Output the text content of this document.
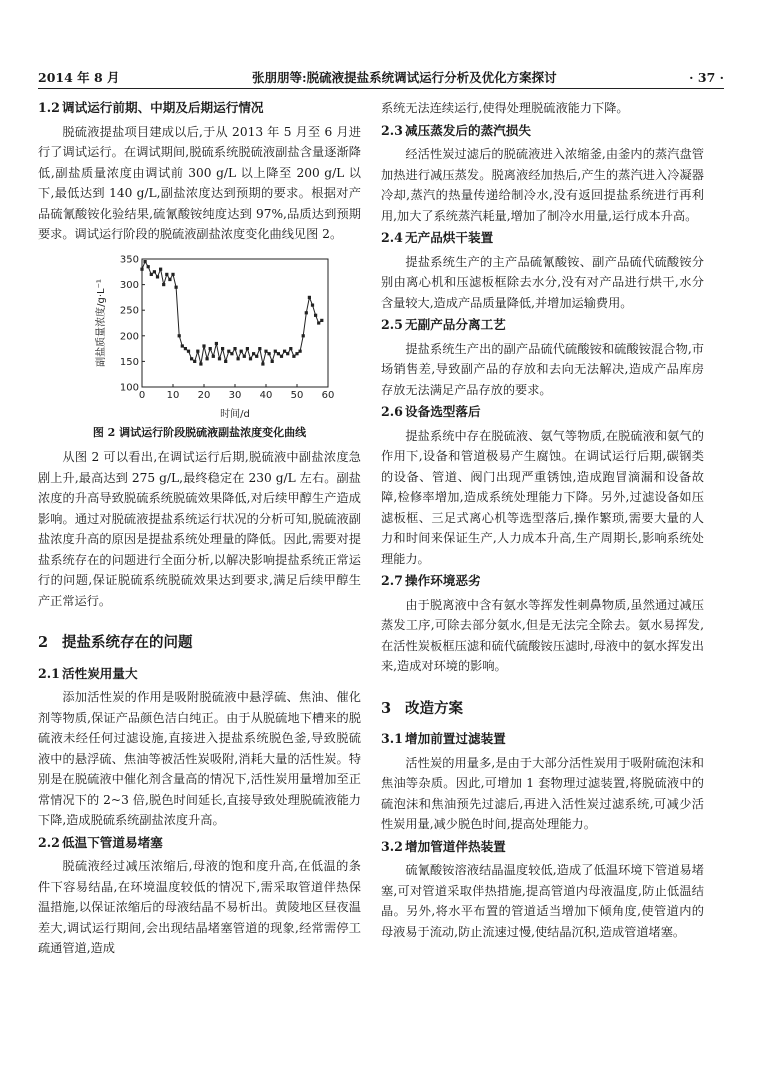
2014 年 8 月	张朋朋等:脱硫液提盐系统调试运行分析及优化方案探讨	· 37 ·
1.2 调试运行前期、中期及后期运行情况

脱硫液提盐项目建成以后,于从 2013 年 5 月至 6 月进行了调试运行。在调试期间,脱硫系统脱硫液副盐含量逐渐降低,副盐质量浓度由调试前 300 g/L 以上降至 200 g/L 以下,最低达到 140 g/L,副盐浓度达到预期的要求。根据对产品硫氰酸铵化验结果,硫氰酸铵纯度达到 97%,品质达到预期要求。调试运行阶段的脱硫液副盐浓度变化曲线见图 2。

副盐质量浓度/g·L⁻¹
时间/d
0 10 20 30 40 50 60
100
150
200
250
300
350
图 2 调试运行阶段脱硫液副盐浓度变化曲线

从图 2 可以看出,在调试运行后期,脱硫液中副盐浓度急剧上升,最高达到 275 g/L,最终稳定在 230 g/L 左右。副盐浓度的升高导致脱硫系统脱硫效果降低,对后续甲醇生产造成影响。通过对脱硫液提盐系统运行状况的分析可知,脱硫液副盐浓度升高的原因是提盐系统处理量的降低。因此,需要对提盐系统存在的问题进行全面分析,以解决影响提盐系统正常运行的问题,保证脱硫系统脱硫效果达到要求,满足后续甲醇生产正常运行。

2 提盐系统存在的问题
2.1 活性炭用量大

添加活性炭的作用是吸附脱硫液中悬浮硫、焦油、催化剂等物质,保证产品颜色洁白纯正。由于从脱硫地下槽来的脱硫液未经任何过滤设施,直接进入提盐系统脱色釜,导致脱硫液中的悬浮硫、焦油等被活性炭吸附,消耗大量的活性炭。特别是在脱硫液中催化剂含量高的情况下,活性炭用量增加至正常情况下的 2~3 倍,脱色时间延长,直接导致处理脱硫液能力下降,造成脱硫系统副盐浓度升高。

2.2 低温下管道易堵塞

脱硫液经过减压浓缩后,母液的饱和度升高,在低温的条件下容易结晶,在环境温度较低的情况下,需采取管道伴热保温措施,以保证浓缩后的母液结晶不易析出。黄陵地区昼夜温差大,调试运行期间,会出现结晶堵塞管道的现象,经常需停工疏通管道,造成

系统无法连续运行,使得处理脱硫液能力下降。

2.3 减压蒸发后的蒸汽损失

经活性炭过滤后的脱硫液进入浓缩釜,由釜内的蒸汽盘管加热进行减压蒸发。脱离液经加热后,产生的蒸汽进入冷凝器冷却,蒸汽的热量传递给制冷水,没有返回提盐系统进行再利用,加大了系统蒸汽耗量,增加了制冷水用量,运行成本升高。

2.4 无产品烘干装置

提盐系统生产的主产品硫氰酸铵、副产品硫代硫酸铵分别由离心机和压滤板框除去水分,没有对产品进行烘干,水分含量较大,造成产品质量降低,并增加运输费用。

2.5 无副产品分离工艺

提盐系统生产出的副产品硫代硫酸铵和硫酸铵混合物,市场销售差,导致副产品的存放和去向无法解决,造成产品库房存放无法满足产品存放的要求。

2.6 设备选型落后

提盐系统中存在脱硫液、氨气等物质,在脱硫液和氨气的作用下,设备和管道极易产生腐蚀。在调试运行后期,碳钢类的设备、管道、阀门出现严重锈蚀,造成跑冒滴漏和设备故障,检修率增加,造成系统处理能力下降。另外,过滤设备如压滤板框、三足式离心机等选型落后,操作繁琐,需要大量的人力和时间来保证生产,人力成本升高,生产周期长,影响系统处理能力。

2.7 操作环境恶劣

由于脱离液中含有氨水等挥发性刺鼻物质,虽然通过减压蒸发工序,可除去部分氨水,但是无法完全除去。氨水易挥发,在活性炭板框压滤和硫代硫酸铵压滤时,母液中的氨水挥发出来,造成对环境的影响。

3 改造方案
3.1 增加前置过滤装置

活性炭的用量多,是由于大部分活性炭用于吸附硫泡沫和焦油等杂质。因此,可增加 1 套物理过滤装置,将脱硫液中的硫泡沫和焦油预先过滤后,再进入活性炭过滤系统,可减少活性炭用量,减少脱色时间,提高处理能力。

3.2 增加管道伴热装置

硫氰酸铵溶液结晶温度较低,造成了低温环境下管道易堵塞,可对管道采取伴热措施,提高管道内母液温度,防止低温结晶。另外,将水平布置的管道适当增加下倾角度,使管道内的母液易于流动,防止流速过慢,使结晶沉积,造成管道堵塞。
